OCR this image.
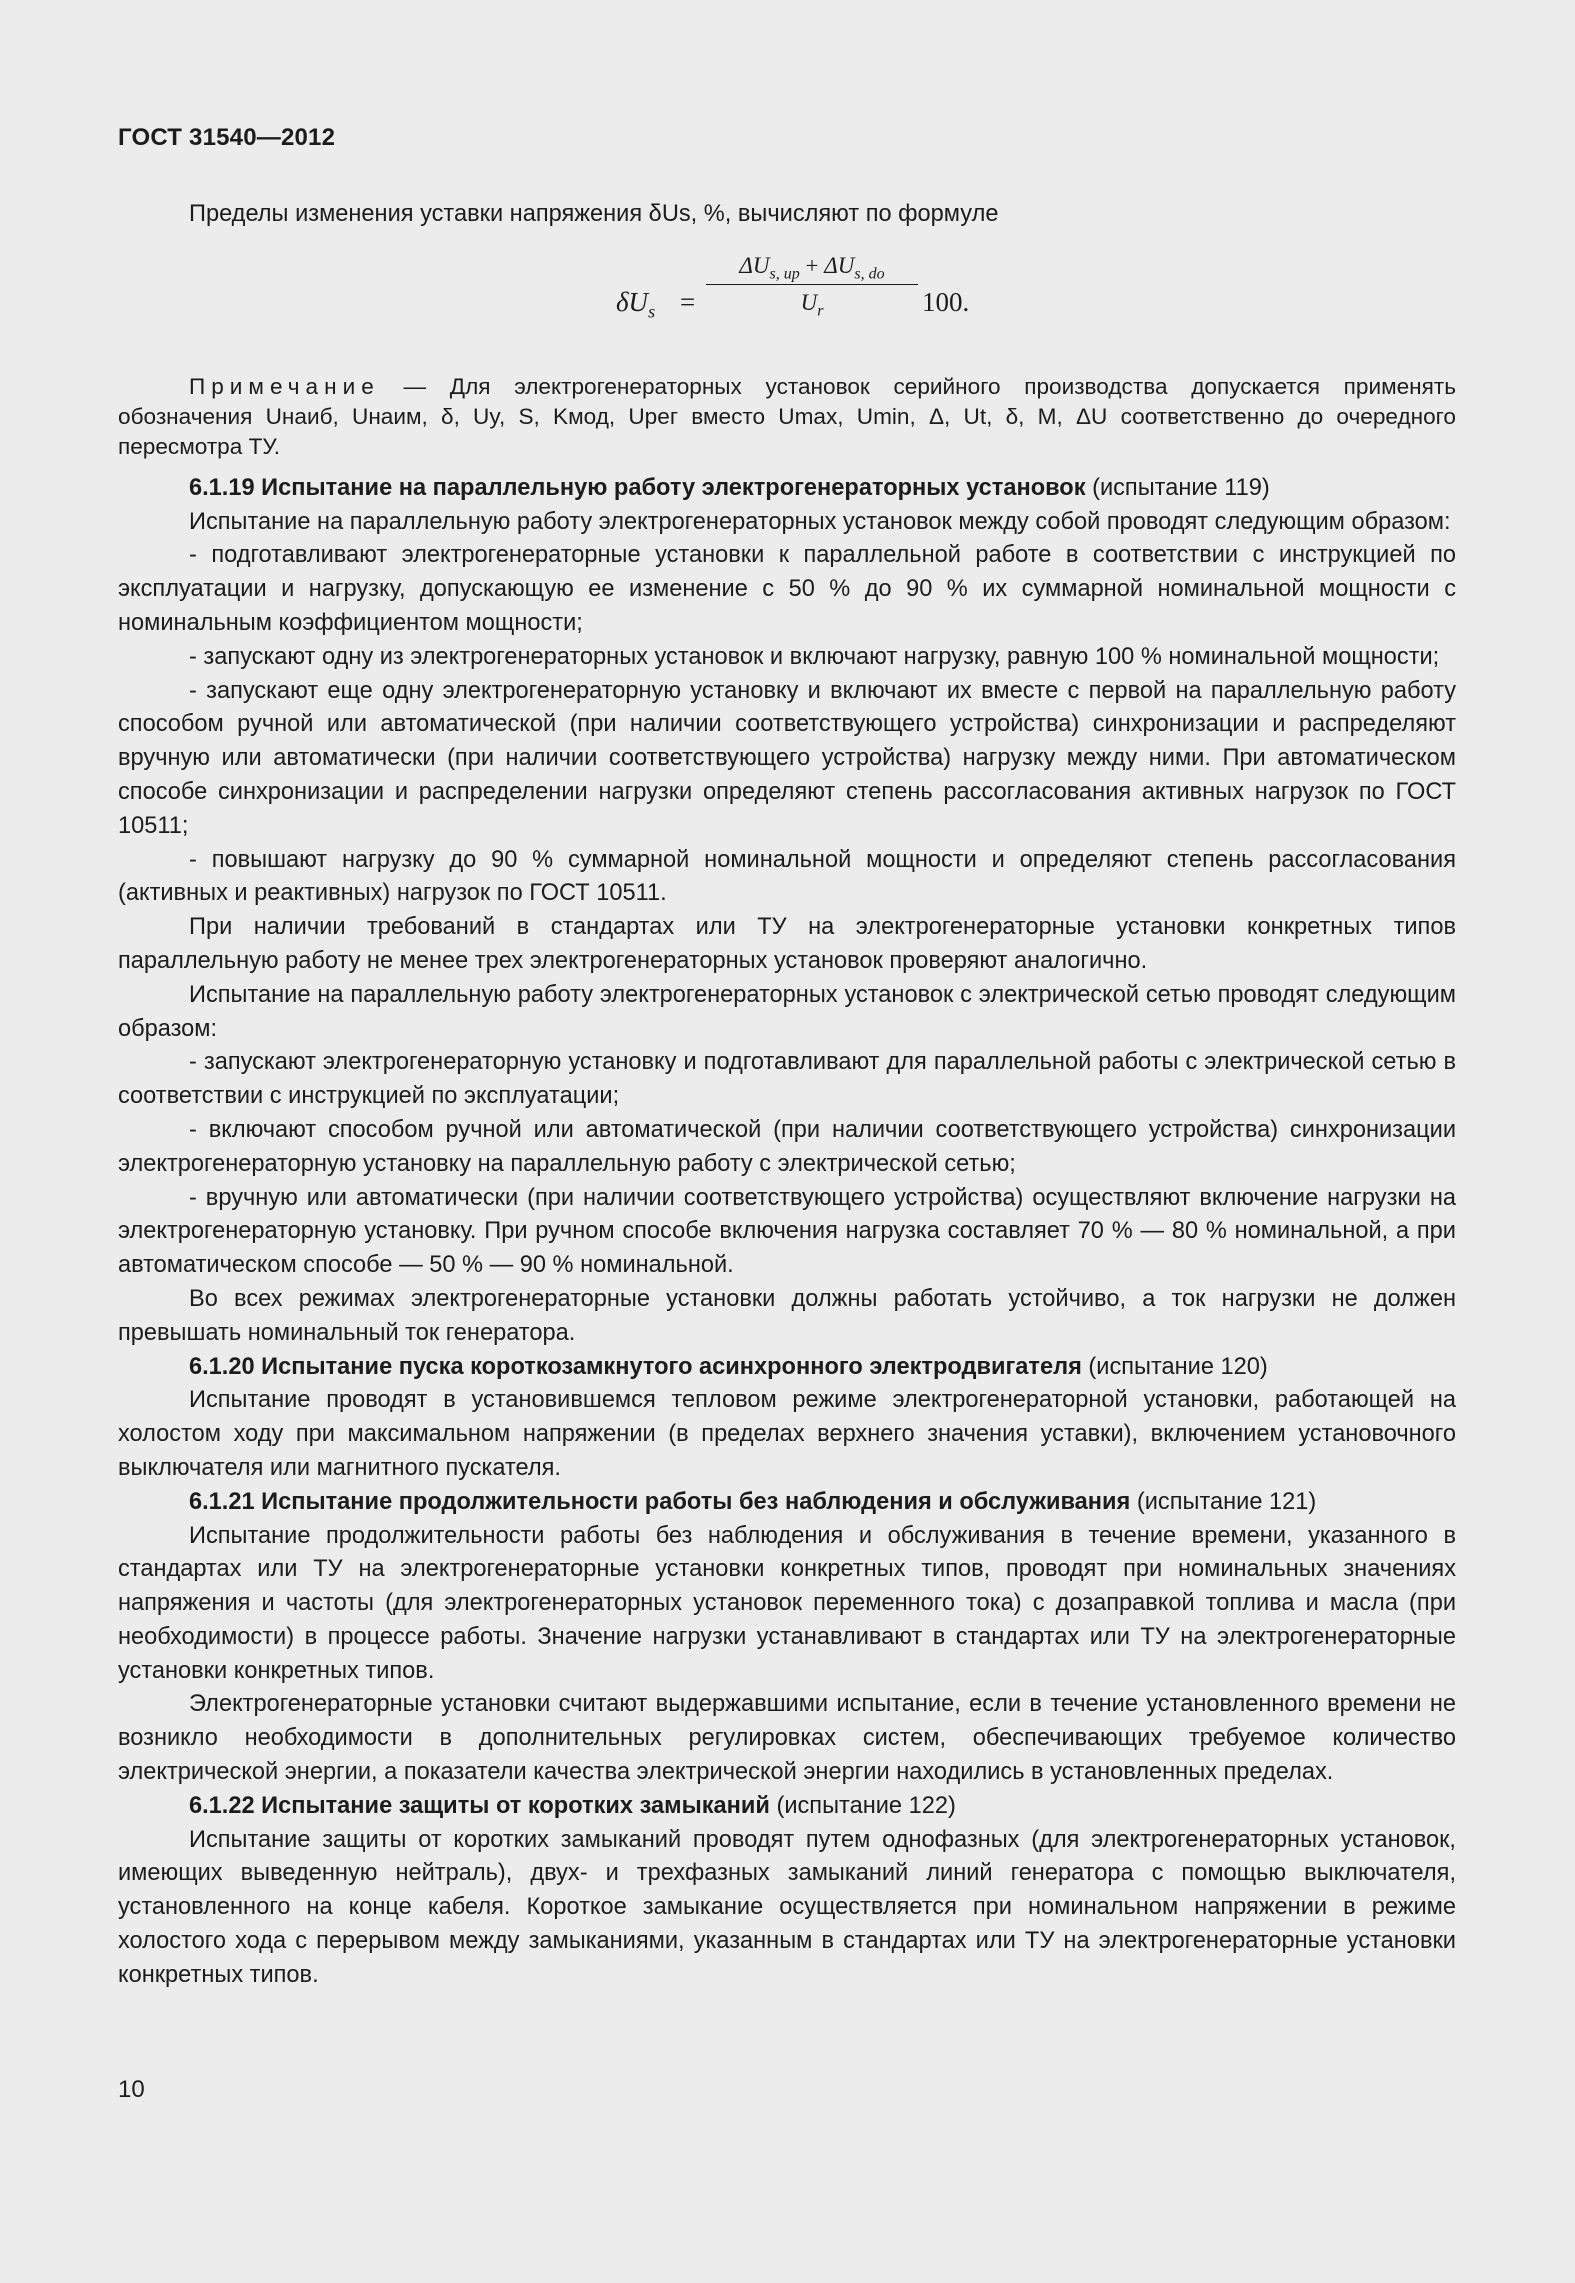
ГОСТ 31540—2012

Пределы изменения уставки напряжения δUs, %, вычисляют по формуле

$\delta U_s$ =
$\Delta U_{s, up} + \Delta U_{s, do}$
$U_r$	100.

Примечание — Для электрогенераторных установок серийного производства допускается применять обозначения Uнаиб, Uнаим, δ, Uy, S, Kмод, Uрег вместо Umax, Umin, Δ, Ut, δ, M, ΔU соответственно до очередного пересмотра ТУ.

6.1.19 Испытание на параллельную работу электрогенераторных установок (испытание 119)

Испытание на параллельную работу электрогенераторных установок между собой проводят следующим образом:

- подготавливают электрогенераторные установки к параллельной работе в соответствии с инструкцией по эксплуатации и нагрузку, допускающую ее изменение с 50 % до 90 % их суммарной номинальной мощности с номинальным коэффициентом мощности;

- запускают одну из электрогенераторных установок и включают нагрузку, равную 100 % номинальной мощности;

- запускают еще одну электрогенераторную установку и включают их вместе с первой на параллельную работу способом ручной или автоматической (при наличии соответствующего устройства) синхронизации и распределяют вручную или автоматически (при наличии соответствующего устройства) нагрузку между ними. При автоматическом способе синхронизации и распределении нагрузки определяют степень рассогласования активных нагрузок по ГОСТ 10511;

- повышают нагрузку до 90 % суммарной номинальной мощности и определяют степень рассогласования (активных и реактивных) нагрузок по ГОСТ 10511.

При наличии требований в стандартах или ТУ на электрогенераторные установки конкретных типов параллельную работу не менее трех электрогенераторных установок проверяют аналогично.

Испытание на параллельную работу электрогенераторных установок с электрической сетью проводят следующим образом:

- запускают электрогенераторную установку и подготавливают для параллельной работы с электрической сетью в соответствии с инструкцией по эксплуатации;

- включают способом ручной или автоматической (при наличии соответствующего устройства) синхронизации электрогенераторную установку на параллельную работу с электрической сетью;

- вручную или автоматически (при наличии соответствующего устройства) осуществляют включение нагрузки на электрогенераторную установку. При ручном способе включения нагрузка составляет 70 % — 80 % номинальной, а при автоматическом способе — 50 % — 90 % номинальной.

Во всех режимах электрогенераторные установки должны работать устойчиво, а ток нагрузки не должен превышать номинальный ток генератора.

6.1.20 Испытание пуска короткозамкнутого асинхронного электродвигателя (испытание 120)

Испытание проводят в установившемся тепловом режиме электрогенераторной установки, работающей на холостом ходу при максимальном напряжении (в пределах верхнего значения уставки), включением установочного выключателя или магнитного пускателя.

6.1.21 Испытание продолжительности работы без наблюдения и обслуживания (испытание 121)

Испытание продолжительности работы без наблюдения и обслуживания в течение времени, указанного в стандартах или ТУ на электрогенераторные установки конкретных типов, проводят при номинальных значениях напряжения и частоты (для электрогенераторных установок переменного тока) с дозаправкой топлива и масла (при необходимости) в процессе работы. Значение нагрузки устанавливают в стандартах или ТУ на электрогенераторные установки конкретных типов.

Электрогенераторные установки считают выдержавшими испытание, если в течение установленного времени не возникло необходимости в дополнительных регулировках систем, обеспечивающих требуемое количество электрической энергии, а показатели качества электрической энергии находились в установленных пределах.

6.1.22 Испытание защиты от коротких замыканий (испытание 122)

Испытание защиты от коротких замыканий проводят путем однофазных (для электрогенераторных установок, имеющих выведенную нейтраль), двух- и трехфазных замыканий линий генератора с помощью выключателя, установленного на конце кабеля. Короткое замыкание осуществляется при номинальном напряжении в режиме холостого хода с перерывом между замыканиями, указанным в стандартах или ТУ на электрогенераторные установки конкретных типов.

10
